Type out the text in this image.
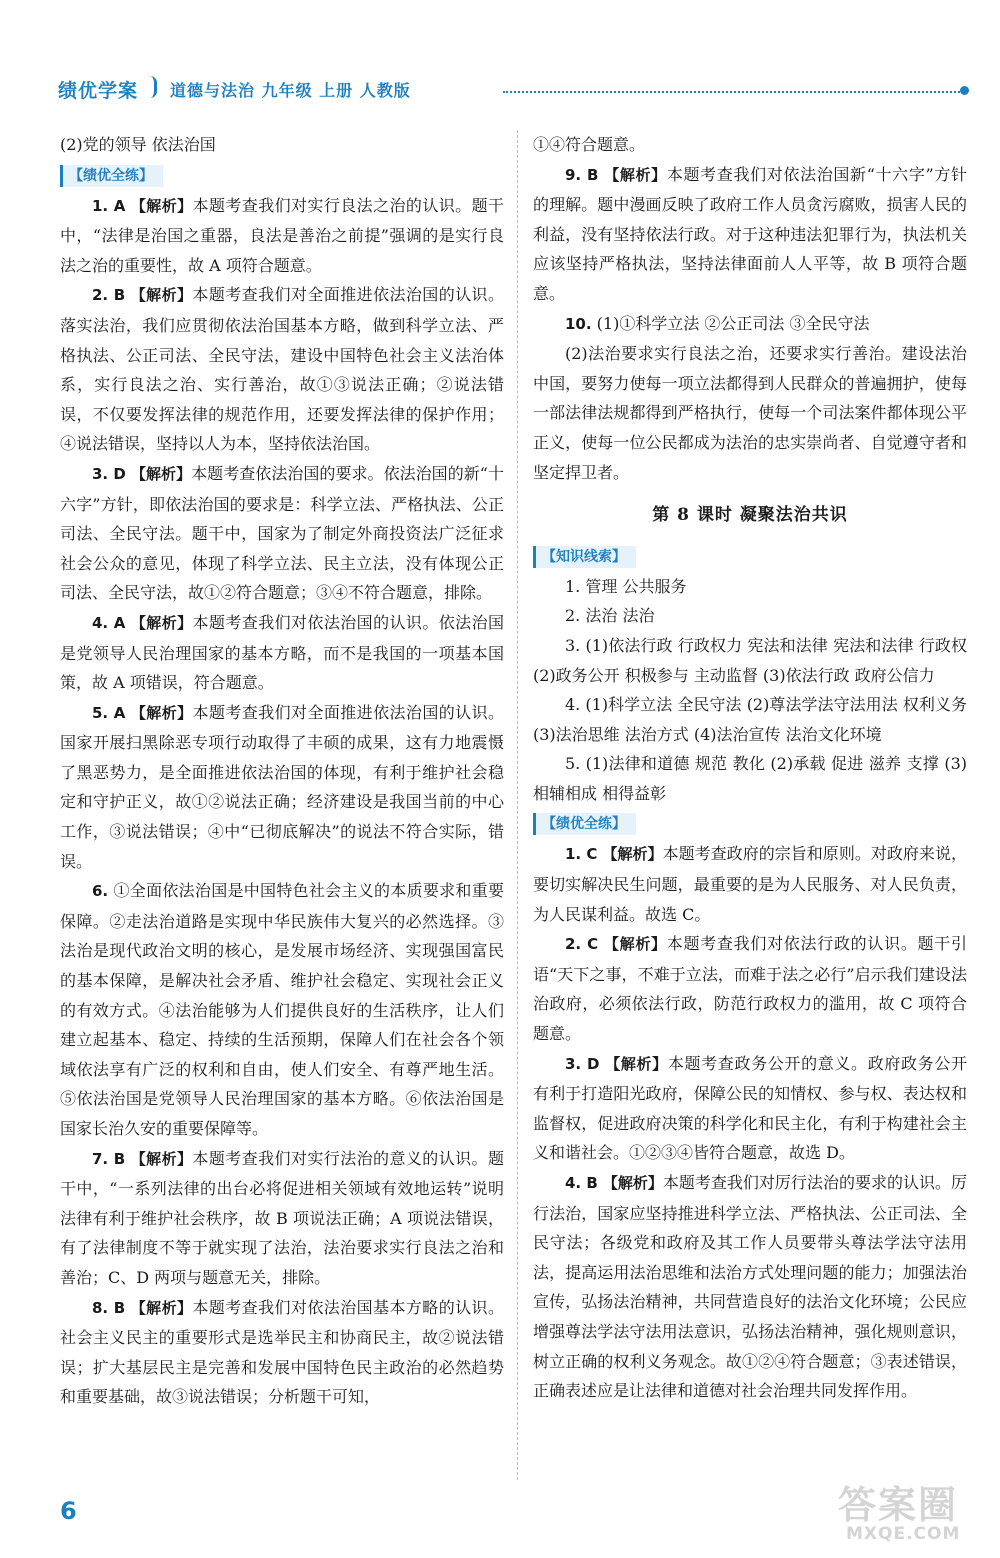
绩优学案 道德与法治 九年级 上册 人教版

(2)党的领导 依法治国

【绩优全练】

1. A 【解析】本题考查我们对实行良法之治的认识。题干中，“法律是治国之重器，良法是善治之前提”强调的是实行良法之治的重要性，故 A 项符合题意。

2. B 【解析】本题考查我们对全面推进依法治国的认识。落实法治，我们应贯彻依法治国基本方略，做到科学立法、严格执法、公正司法、全民守法，建设中国特色社会主义法治体系，实行良法之治、实行善治，故①③说法正确；②说法错误，不仅要发挥法律的规范作用，还要发挥法律的保护作用；④说法错误，坚持以人为本，坚持依法治国。

3. D 【解析】本题考查依法治国的要求。依法治国的新“十六字”方针，即依法治国的要求是：科学立法、严格执法、公正司法、全民守法。题干中，国家为了制定外商投资法广泛征求社会公众的意见，体现了科学立法、民主立法，没有体现公正司法、全民守法，故①②符合题意；③④不符合题意，排除。

4. A 【解析】本题考查我们对依法治国的认识。依法治国是党领导人民治理国家的基本方略，而不是我国的一项基本国策，故 A 项错误，符合题意。

5. A 【解析】本题考查我们对全面推进依法治国的认识。国家开展扫黑除恶专项行动取得了丰硕的成果，这有力地震慑了黑恶势力，是全面推进依法治国的体现，有利于维护社会稳定和守护正义，故①②说法正确；经济建设是我国当前的中心工作，③说法错误；④中“已彻底解决”的说法不符合实际，错误。

6. ①全面依法治国是中国特色社会主义的本质要求和重要保障。②走法治道路是实现中华民族伟大复兴的必然选择。③法治是现代政治文明的核心，是发展市场经济、实现强国富民的基本保障，是解决社会矛盾、维护社会稳定、实现社会正义的有效方式。④法治能够为人们提供良好的生活秩序，让人们建立起基本、稳定、持续的生活预期，保障人们在社会各个领域依法享有广泛的权利和自由，使人们安全、有尊严地生活。⑤依法治国是党领导人民治理国家的基本方略。⑥依法治国是国家长治久安的重要保障等。

7. B 【解析】本题考查我们对实行法治的意义的认识。题干中，“一系列法律的出台必将促进相关领域有效地运转”说明法律有利于维护社会秩序，故 B 项说法正确；A 项说法错误，有了法律制度不等于就实现了法治，法治要求实行良法之治和善治；C、D 两项与题意无关，排除。

8. B 【解析】本题考查我们对依法治国基本方略的认识。社会主义民主的重要形式是选举民主和协商民主，故②说法错误；扩大基层民主是完善和发展中国特色民主政治的必然趋势和重要基础，故③说法错误；分析题干可知，

①④符合题意。

9. B 【解析】本题考查我们对依法治国新“十六字”方针的理解。题中漫画反映了政府工作人员贪污腐败，损害人民的利益，没有坚持依法行政。对于这种违法犯罪行为，执法机关应该坚持严格执法，坚持法律面前人人平等，故 B 项符合题意。

10. (1)①科学立法 ②公正司法 ③全民守法

(2)法治要求实行良法之治，还要求实行善治。建设法治中国，要努力使每一项立法都得到人民群众的普遍拥护，使每一部法律法规都得到严格执行，使每一个司法案件都体现公平正义，使每一位公民都成为法治的忠实崇尚者、自觉遵守者和坚定捍卫者。

第 8 课时 凝聚法治共识
【知识线索】

1. 管理 公共服务

2. 法治 法治

3. (1)依法行政 行政权力 宪法和法律 宪法和法律 行政权 (2)政务公开 积极参与 主动监督 (3)依法行政 政府公信力

4. (1)科学立法 全民守法 (2)尊法学法守法用法 权利义务 (3)法治思维 法治方式 (4)法治宣传 法治文化环境

5. (1)法律和道德 规范 教化 (2)承载 促进 滋养 支撑 (3)相辅相成 相得益彰

【绩优全练】

1. C 【解析】本题考查政府的宗旨和原则。对政府来说，要切实解决民生问题，最重要的是为人民服务、对人民负责，为人民谋利益。故选 C。

2. C 【解析】本题考查我们对依法行政的认识。题干引语“天下之事，不难于立法，而难于法之必行”启示我们建设法治政府，必须依法行政，防范行政权力的滥用，故 C 项符合题意。

3. D 【解析】本题考查政务公开的意义。政府政务公开有利于打造阳光政府，保障公民的知情权、参与权、表达权和监督权，促进政府决策的科学化和民主化，有利于构建社会主义和谐社会。①②③④皆符合题意，故选 D。

4. B 【解析】本题考查我们对厉行法治的要求的认识。厉行法治，国家应坚持推进科学立法、严格执法、公正司法、全民守法；各级党和政府及其工作人员要带头尊法学法守法用法，提高运用法治思维和法治方式处理问题的能力；加强法治宣传，弘扬法治精神，共同营造良好的法治文化环境；公民应增强尊法学法守法用法意识，弘扬法治精神，强化规则意识，树立正确的权利义务观念。故①②④符合题意；③表述错误，正确表述应是让法律和道德对社会治理共同发挥作用。

6	答案圈
MXQE.COM
